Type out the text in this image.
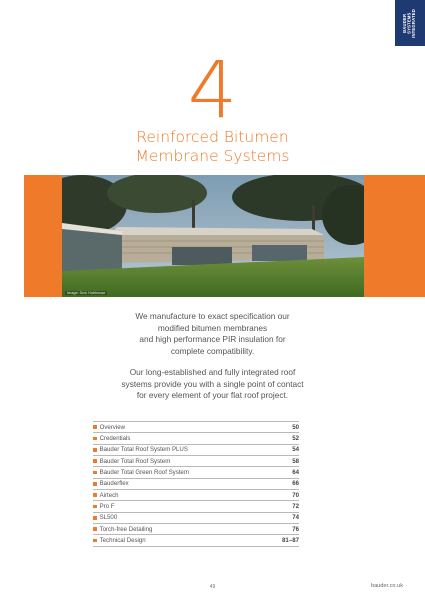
BAUDER
SYSTEMS
INTEGRATED
4
Reinforced Bitumen
Membrane Systems
Image: Dick Hobhouse

We manufacture to exact specification our
modified bitumen membranes
and high performance PIR insulation for
complete compatibility.

Our long-established and fully integrated roof
systems provide you with a single point of contact
for every element of your flat roof project.

Overview	50
Credentials	52
Bauder Total Roof System PLUS	54
Bauder Total Roof System	58
Bauder Total Green Roof System	64
Bauderflex	66
Airtech	70
Pro F	72
SL500	74
Torch-free Detailing	76
Technical Design	81–87
49	bauder.co.uk
